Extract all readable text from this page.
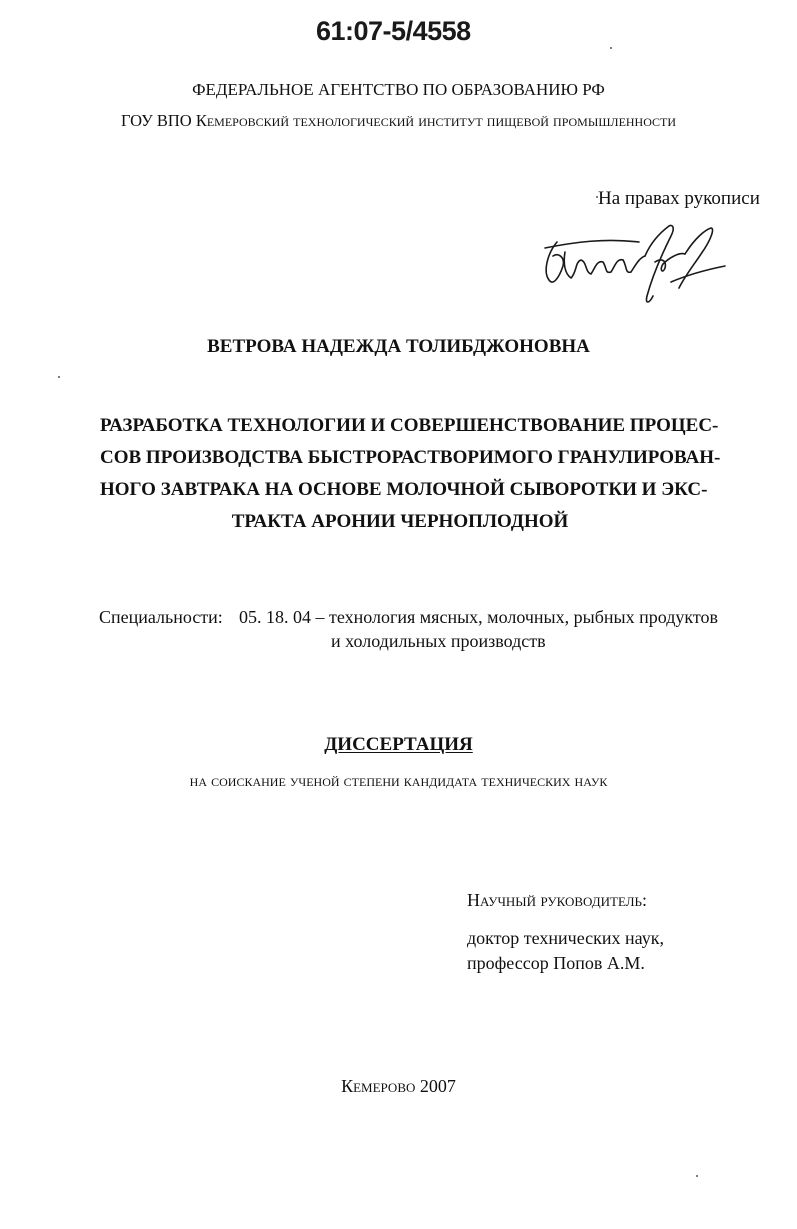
61:07-5/4558
ФЕДЕРАЛЬНОЕ АГЕНТСТВО ПО ОБРАЗОВАНИЮ РФ
ГОУ ВПО Кемеровский технологический институт пищевой промышленности
На правах рукописи
ВЕТРОВА НАДЕЖДА ТОЛИБДЖОНОВНА
РАЗРАБОТКА ТЕХНОЛОГИИ И СОВЕРШЕНСТВОВАНИЕ ПРОЦЕС-
СОВ ПРОИЗВОДСТВА БЫСТРОРАСТВОРИМОГО ГРАНУЛИРОВАН-
НОГО ЗАВТРАКА НА ОСНОВЕ МОЛОЧНОЙ СЫВОРОТКИ И ЭКС-
ТРАКТА АРОНИИ ЧЕРНОПЛОДНОЙ
Специальности: 05. 18. 04 – технология мясных, молочных, рыбных продуктов
и холодильных производств
ДИССЕРТАЦИЯ
на соискание ученой степени кандидата технических наук
Научный руководитель:
доктор технических наук,
профессор Попов А.М.
Кемерово 2007
